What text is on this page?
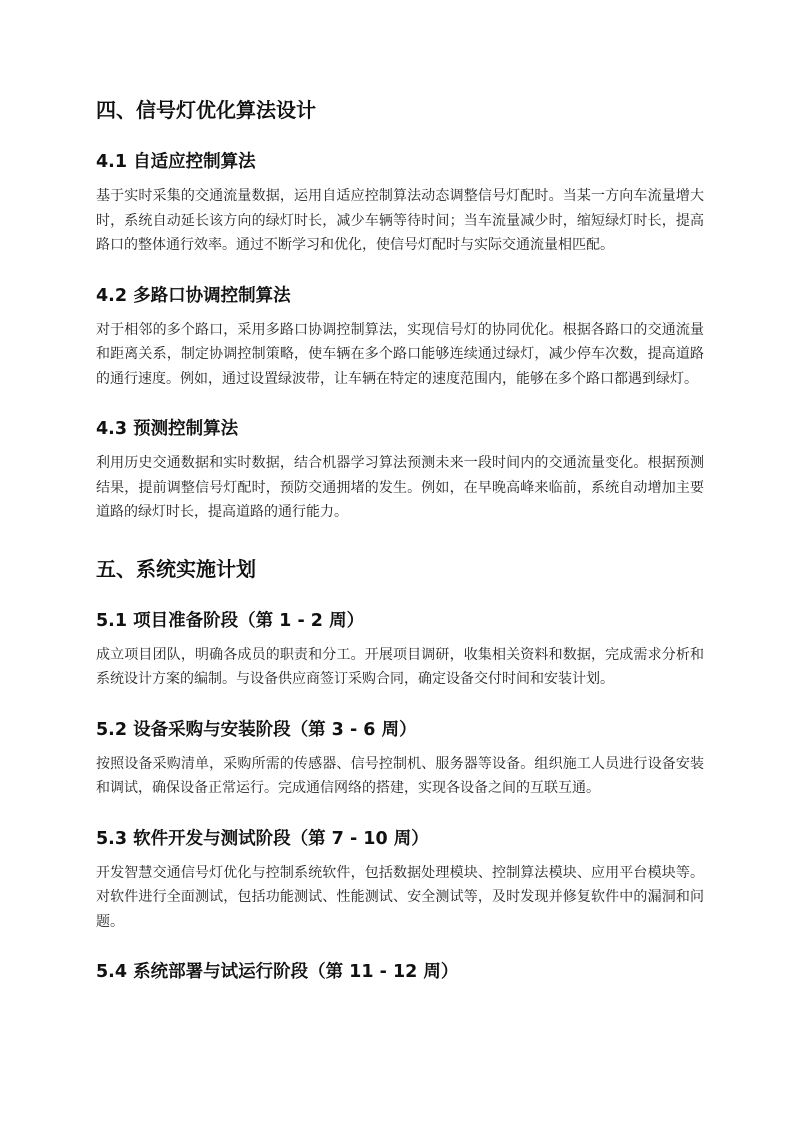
四、信号灯优化算法设计
4.1 自适应控制算法

基于实时采集的交通流量数据，运用自适应控制算法动态调整信号灯配时。当某一方向车流量增大时，系统自动延长该方向的绿灯时长，减少车辆等待时间；当车流量减少时，缩短绿灯时长，提高路口的整体通行效率。通过不断学习和优化，使信号灯配时与实际交通流量相匹配。

4.2 多路口协调控制算法

对于相邻的多个路口，采用多路口协调控制算法，实现信号灯的协同优化。根据各路口的交通流量和距离关系，制定协调控制策略，使车辆在多个路口能够连续通过绿灯，减少停车次数，提高道路的通行速度。例如，通过设置绿波带，让车辆在特定的速度范围内，能够在多个路口都遇到绿灯。

4.3 预测控制算法

利用历史交通数据和实时数据，结合机器学习算法预测未来一段时间内的交通流量变化。根据预测结果，提前调整信号灯配时，预防交通拥堵的发生。例如，在早晚高峰来临前，系统自动增加主要道路的绿灯时长，提高道路的通行能力。

五、系统实施计划
5.1 项目准备阶段（第 1 - 2 周）

成立项目团队，明确各成员的职责和分工。开展项目调研，收集相关资料和数据，完成需求分析和系统设计方案的编制。与设备供应商签订采购合同，确定设备交付时间和安装计划。

5.2 设备采购与安装阶段（第 3 - 6 周）

按照设备采购清单，采购所需的传感器、信号控制机、服务器等设备。组织施工人员进行设备安装和调试，确保设备正常运行。完成通信网络的搭建，实现各设备之间的互联互通。

5.3 软件开发与测试阶段（第 7 - 10 周）

开发智慧交通信号灯优化与控制系统软件，包括数据处理模块、控制算法模块、应用平台模块等。对软件进行全面测试，包括功能测试、性能测试、安全测试等，及时发现并修复软件中的漏洞和问题。

5.4 系统部署与试运行阶段（第 11 - 12 周）
